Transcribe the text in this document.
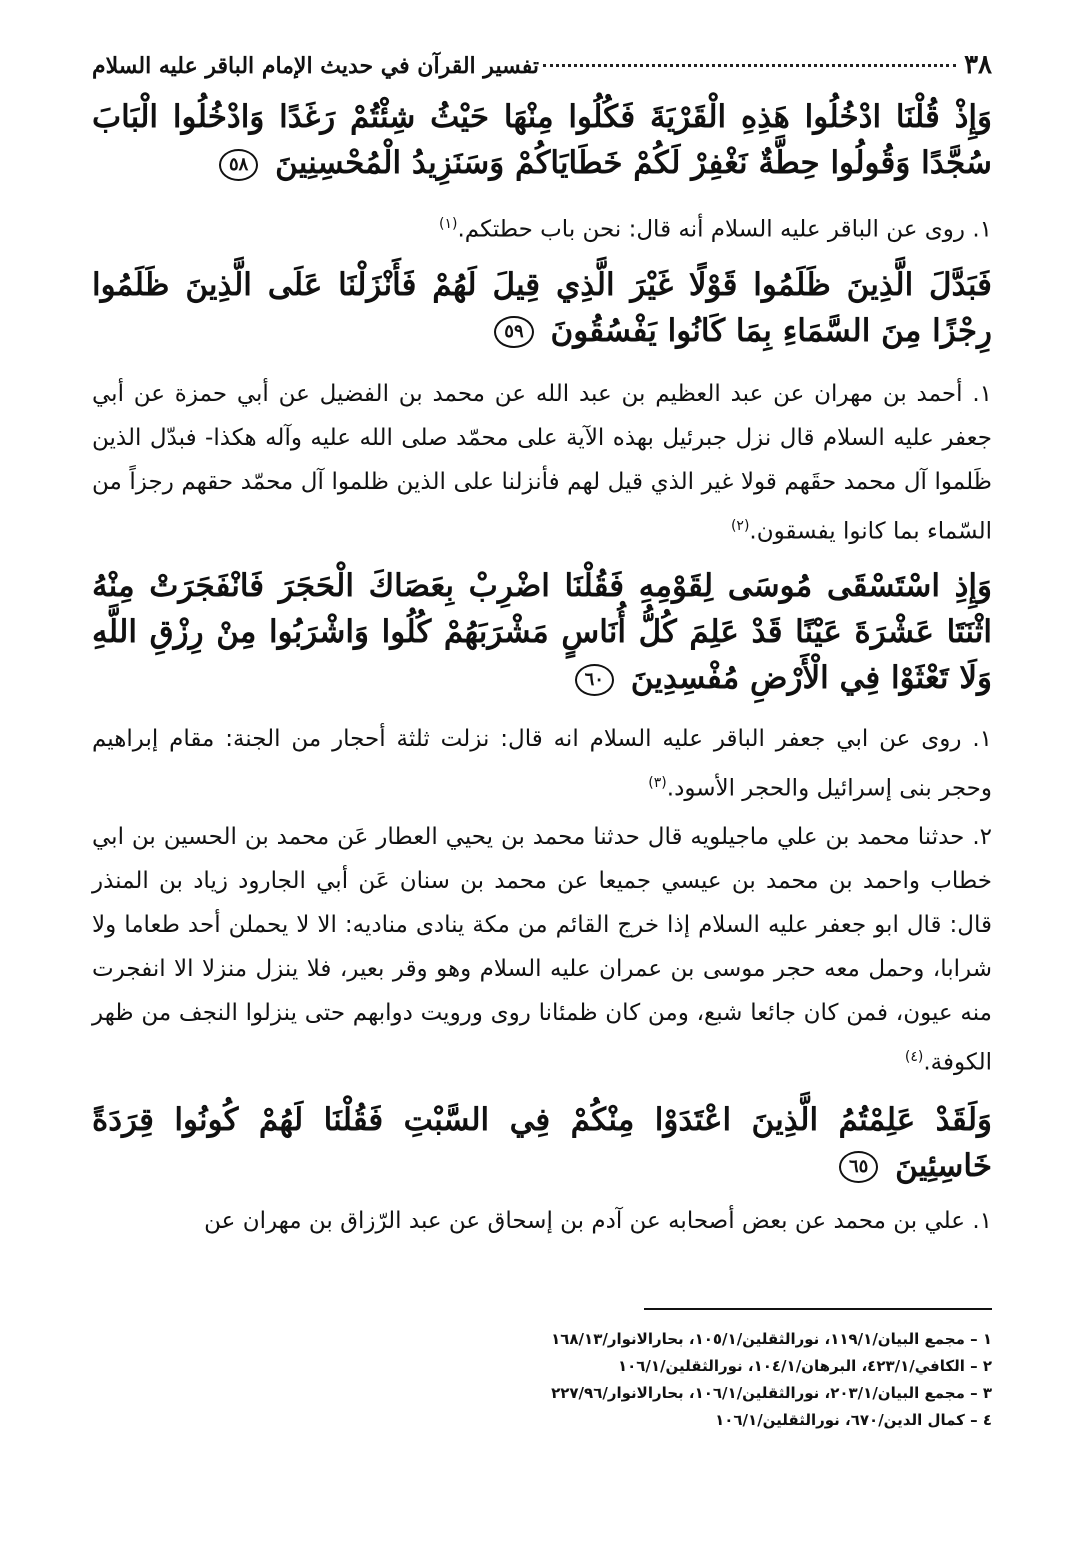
٣٨
تفسير القرآن في حديث الإمام الباقر عليه السلام
وَإِذْ قُلْنَا ادْخُلُوا هَذِهِ الْقَرْيَةَ فَكُلُوا مِنْهَا حَيْثُ شِئْتُمْ رَغَدًا وَادْخُلُوا الْبَابَ سُجَّدًا وَقُولُوا حِطَّةٌ نَغْفِرْ لَكُمْ خَطَايَاكُمْ وَسَنَزِيدُ الْمُحْسِنِينَ ٥٨
١. روى عن الباقر عليه السلام أنه قال: نحن باب حطتكم.$^{(١)}$
فَبَدَّلَ الَّذِينَ ظَلَمُوا قَوْلًا غَيْرَ الَّذِي قِيلَ لَهُمْ فَأَنْزَلْنَا عَلَى الَّذِينَ ظَلَمُوا رِجْزًا مِنَ السَّمَاءِ بِمَا كَانُوا يَفْسُقُونَ ٥٩
١. أحمد بن مهران عن عبد العظيم بن عبد الله عن محمد بن الفضيل عن أبي حمزة عن أبي جعفر عليه السلام قال نزل جبرئيل بهذه الآية على محمّد صلى الله عليه وآله هكذا- فبدّل الذين ظَلموا آل محمد حقَهم قولا غير الذي قيل لهم فأنزلنا على الذين ظلموا آل محمّد حقهم رجزاً من السّماء بما كانوا يفسقون.$^{(٢)}$
وَإِذِ اسْتَسْقَى مُوسَى لِقَوْمِهِ فَقُلْنَا اضْرِبْ بِعَصَاكَ الْحَجَرَ فَانْفَجَرَتْ مِنْهُ اثْنَتَا عَشْرَةَ عَيْنًا قَدْ عَلِمَ كُلُّ أُنَاسٍ مَشْرَبَهُمْ كُلُوا وَاشْرَبُوا مِنْ رِزْقِ اللَّهِ وَلَا تَعْثَوْا فِي الْأَرْضِ مُفْسِدِينَ ٦٠
١. روى عن ابي جعفر الباقر عليه السلام انه قال: نزلت ثلثة أحجار من الجنة: مقام إبراهيم وحجر بنى إسرائيل والحجر الأسود.$^{(٣)}$
٢. حدثنا محمد بن علي ماجيلويه قال حدثنا محمد بن يحيي العطار عَن محمد بن الحسين بن ابي خطاب واحمد بن محمد بن عيسي جميعا عن محمد بن سنان عَن أبي الجارود زياد بن المنذر قال: قال ابو جعفر عليه السلام إذا خرج القائم من مكة ينادى مناديه: الا لا يحملن أحد طعاما ولا شرابا، وحمل معه حجر موسى بن عمران عليه السلام وهو وقر بعير، فلا ينزل منزلا الا انفجرت منه عيون، فمن كان جائعا شبع، ومن كان ظمئانا روى ورويت دوابهم حتى ينزلوا النجف من ظهر الكوفة.$^{(٤)}$
وَلَقَدْ عَلِمْتُمُ الَّذِينَ اعْتَدَوْا مِنْكُمْ فِي السَّبْتِ فَقُلْنَا لَهُمْ كُونُوا قِرَدَةً خَاسِئِينَ ٦٥
١. علي بن محمد عن بعض أصحابه عن آدم بن إسحاق عن عبد الرّزاق بن مهران عن
١ – مجمع البيان/١١٩/١، نورالثقلين/١٠٥/١، بحارالانوار/١٦٨/١٣
٢ – الكافي/٤٢٣/١، البرهان/١٠٤/١، نورالثقلين/١٠٦/١
٣ – مجمع البيان/٢٠٣/١، نورالثقلين/١٠٦/١، بحارالانوار/٢٢٧/٩٦
٤ – كمال الدين/٦٧٠، نورالثقلين/١٠٦/١
